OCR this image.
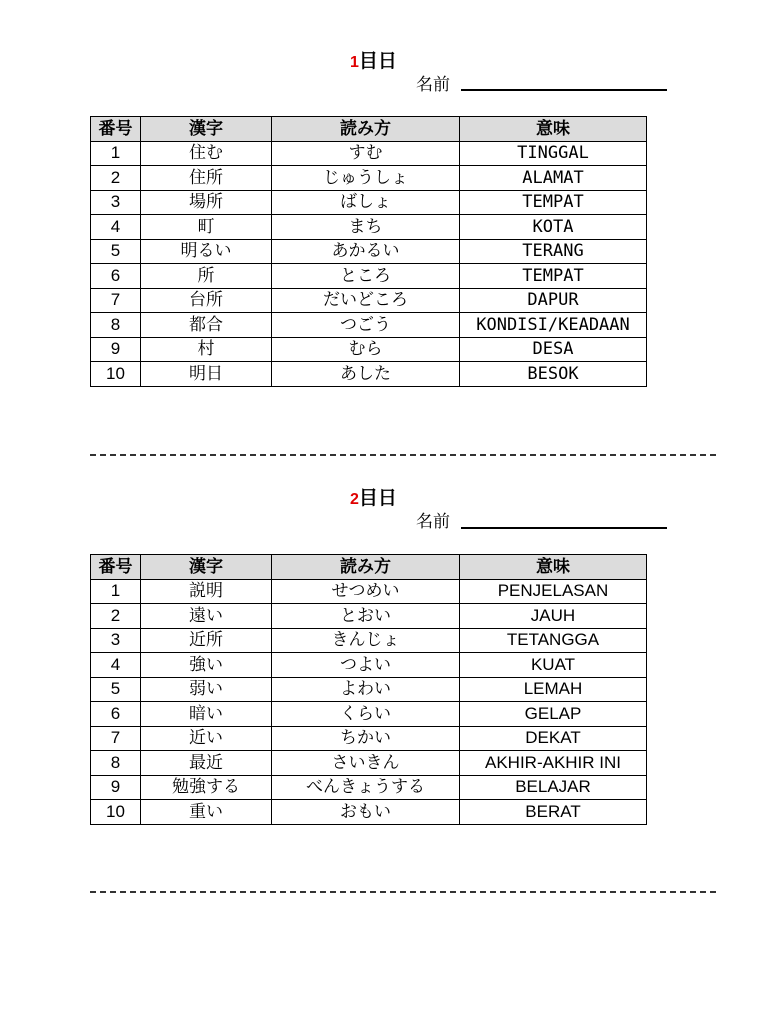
1目日
名前
番号	漢字	読み方	意味
1	住む	すむ	TINGGAL
2	住所	じゅうしょ	ALAMAT
3	場所	ばしょ	TEMPAT
4	町	まち	KOTA
5	明るい	あかるい	TERANG
6	所	ところ	TEMPAT
7	台所	だいどころ	DAPUR
8	都合	つごう	KONDISI/KEADAAN
9	村	むら	DESA
10	明日	あした	BESOK
2目日
名前
番号	漢字	読み方	意味
1	説明	せつめい	PENJELASAN
2	遠い	とおい	JAUH
3	近所	きんじょ	TETANGGA
4	強い	つよい	KUAT
5	弱い	よわい	LEMAH
6	暗い	くらい	GELAP
7	近い	ちかい	DEKAT
8	最近	さいきん	AKHIR-AKHIR INI
9	勉強する	べんきょうする	BELAJAR
10	重い	おもい	BERAT
